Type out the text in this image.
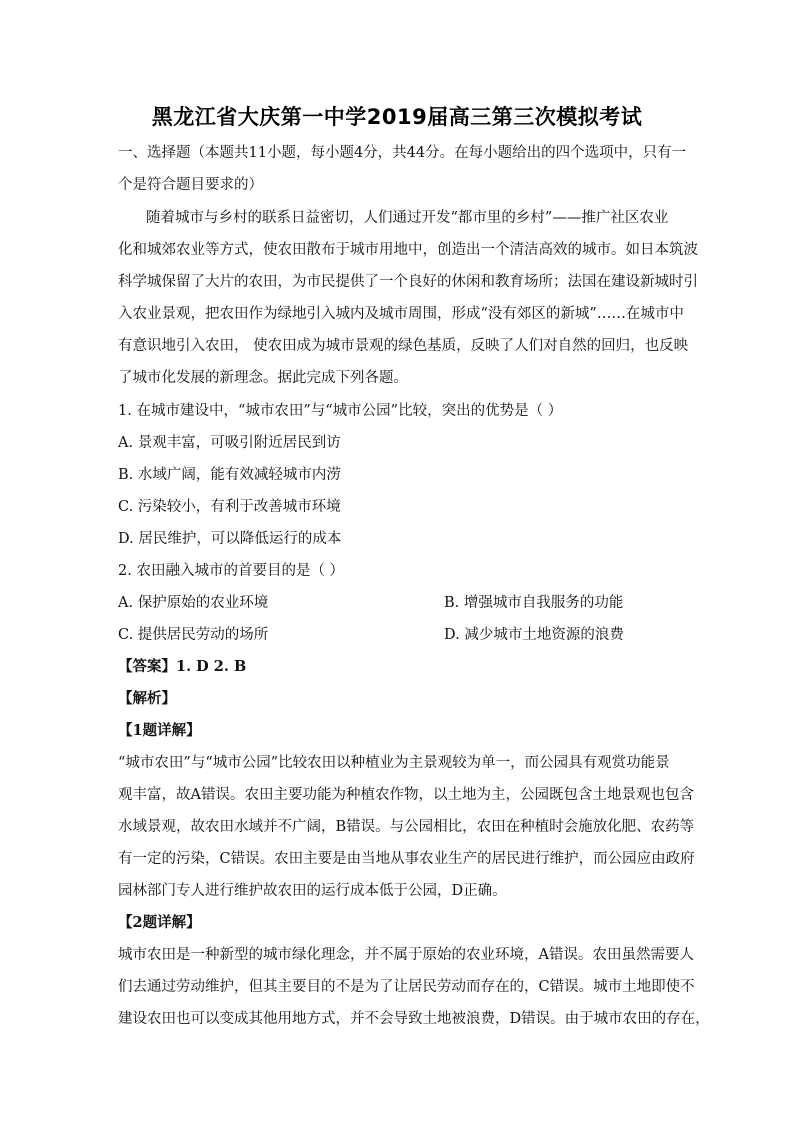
黑龙江省大庆第一中学2019届高三第三次模拟考试
一、选择题（本题共11小题，每小题4分，共44分。在每小题给出的四个选项中，只有一
个是符合题目要求的）
随着城市与乡村的联系日益密切，人们通过开发“都市里的乡村”——推广社区农业
化和城郊农业等方式，使农田散布于城市用地中，创造出一个清洁高效的城市。如日本筑波
科学城保留了大片的农田，为市民提供了一个良好的休闲和教育场所；法国在建设新城时引
入农业景观，把农田作为绿地引入城内及城市周围，形成“没有郊区的新城”……在城市中
有意识地引入农田， 使农田成为城市景观的绿色基质，反映了人们对自然的回归，也反映
了城市化发展的新理念。据此完成下列各题。
1. 在城市建设中，“城市农田”与“城市公园”比较，突出的优势是（ ）
A. 景观丰富，可吸引附近居民到访
B. 水域广阔，能有效减轻城市内涝
C. 污染较小，有利于改善城市环境
D. 居民维护，可以降低运行的成本
2. 农田融入城市的首要目的是（ ）
A. 保护原始的农业环境	B. 增强城市自我服务的功能
C. 提供居民劳动的场所	D. 减少城市土地资源的浪费
【答案】1. D 2. B
【解析】
【1题详解】
“城市农田”与“城市公园”比较农田以种植业为主景观较为单一，而公园具有观赏功能景
观丰富，故A错误。农田主要功能为种植农作物，以土地为主，公园既包含土地景观也包含
水域景观，故农田水域并不广阔，B错误。与公园相比，农田在种植时会施放化肥、农药等
有一定的污染，C错误。农田主要是由当地从事农业生产的居民进行维护，而公园应由政府
园林部门专人进行维护故农田的运行成本低于公园，D正确。
【2题详解】
城市农田是一种新型的城市绿化理念，并不属于原始的农业环境，A错误。农田虽然需要人
们去通过劳动维护，但其主要目的不是为了让居民劳动而存在的，C错误。城市土地即使不
建设农田也可以变成其他用地方式，并不会导致土地被浪费，D错误。由于城市农田的存在，
